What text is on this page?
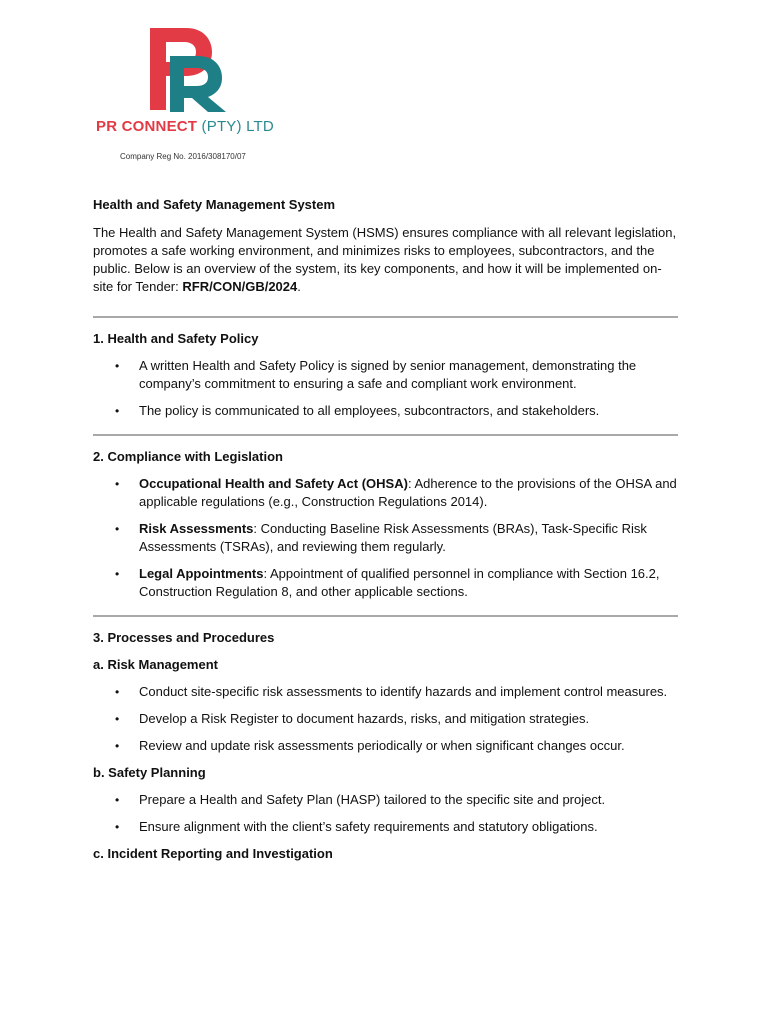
PR CONNECT (PTY) LTD
Company Reg No. 2016/308170/07

Health and Safety Management System

The Health and Safety Management System (HSMS) ensures compliance with all relevant legislation, promotes a safe working environment, and minimizes risks to employees, subcontractors, and the public. Below is an overview of the system, its key components, and how it will be implemented on-site for Tender: RFR/CON/GB/2024.

1. Health and Safety Policy

• A written Health and Safety Policy is signed by senior management, demonstrating the company’s commitment to ensuring a safe and compliant work environment.
• The policy is communicated to all employees, subcontractors, and stakeholders.

2. Compliance with Legislation

• Occupational Health and Safety Act (OHSA): Adherence to the provisions of the OHSA and applicable regulations (e.g., Construction Regulations 2014).
• Risk Assessments: Conducting Baseline Risk Assessments (BRAs), Task-Specific Risk Assessments (TSRAs), and reviewing them regularly.
• Legal Appointments: Appointment of qualified personnel in compliance with Section 16.2, Construction Regulation 8, and other applicable sections.

3. Processes and Procedures

a. Risk Management

• Conduct site-specific risk assessments to identify hazards and implement control measures.
• Develop a Risk Register to document hazards, risks, and mitigation strategies.
• Review and update risk assessments periodically or when significant changes occur.

b. Safety Planning

• Prepare a Health and Safety Plan (HASP) tailored to the specific site and project.
• Ensure alignment with the client’s safety requirements and statutory obligations.

c. Incident Reporting and Investigation
